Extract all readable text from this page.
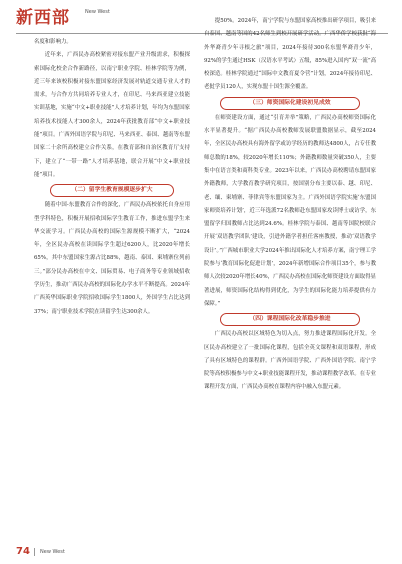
新西部	New West

名度和影响力。

近年来，广西民办高校紧密对接东盟产业升级需求，积极探索国际化校企合作新路径，以南宁职业学院、桂林学院等为例，近三年来该校积极对接东盟国家经济发展对轨道交通专业人才的需求，与合作方共同培养专业人才，在印尼、马来西亚建立技能实训基地，实施“中文+职业技能”人才培养计划，年均为东盟国家培养技术技能人才300余人，2024年获批教育部“中文+职业技能”项目。广西外国语学院与印尼、马来西亚、泰国、越南等东盟国家二十余所高校建立合作关系，在教育部和自治区教育厅支持下，建立了“一带一路”人才培养基地，联合开展“中文+职业技能”项目。

（二）留学生教育规模逐步扩大

随着中国-东盟教育合作的深化，广西民办高校依托自身应用型学科特色，积极开展招收国际学生教育工作，推进东盟学生来华交流学习。广西民办高校的国际生源规模不断扩大，“2024年，全区民办高校在读国际学生超过6200人，比2020年增长65%，其中东盟国家生源占比88%，越南、泰国、柬埔寨位列前三。”部分民办高校在中文、国际贸易、电子商务等专业领域招收学历生，推动广西民办高校的国际化办学水平不断提高。2024年广西英华国际职业学院招收国际学生1800人，外国学生占比达到37%；南宁职业技术学院在读留学生达300余人。

提50%。2024年，南宁学院与东盟国家高校推出研学项目，吸引来自泰国、越南等国的42名师生到校开展研学活动。广西华侨学校获批“海外华裔青少年寻根之旅”项目，2024年接待300名东盟华裔青少年，92%的学生通过HSK（汉语水平考试）五级，85%进入国内“双一流”高校深造。桂林学院通过“国际中文教育夏令营”计划，2024年接待印尼、老挝学员120人，实现东盟十国生源全覆盖。

（三）师资国际化建设初见成效

在师资建设方面，通过“引育并举”策略，广西民办高校师资国际化水平显著提升。“据广西民办高校教师发展联盟数据显示，截至2024年，全区民办高校具有海外留学或访学经历的教师达4800人，占专任教师总数的18%，较2020年增长110%；外籍教师数量突破350人，主要集中在语言类和商科类专业。2023年以来，广西民办高校聘请东盟国家外籍教师，大学教育教学研究项目，按国别分布主要以泰、越、印尼、老、缅、柬埔寨、菲律宾等东盟国家为主。广西外国语学院实施‘东盟国家师资培养计划’，近三年选派72名教师赴东盟国家攻读博士或访学，东盟留学归国教师占比达到24.6%。桂林学院与泰国、越南等国院校联合开展‘双语教学团队’建设，引进外籍学者担任客座教授，推动‘双语教学设计’。”广西城市职业大学2024年推出国际化人才培养方案，南宁理工学院参与‘教育国际化促进计划’，2024年新增国际合作项目35个，参与教师人次较2020年增长40%，广西民办高校在国际化师资建设方面取得显著进展，师资国际化结构得到优化，为学生的国际化能力培养提供有力保障。”

（四）课程国际化改革稳步推进

广西民办高校以区域特色为切入点，努力推进课程国际化开发。全区民办高校建立了一批国际化课程，包括全英文课程和双语课程，形成了具有区域特色的课程群。广西外国语学院、广西外国语学院、南宁学院等高校积极参与中文+职业技能课程开发，推动课程教学改革。在专业课程开发方面，广西民办高校在课程内容中融入东盟元素。

74 New West
